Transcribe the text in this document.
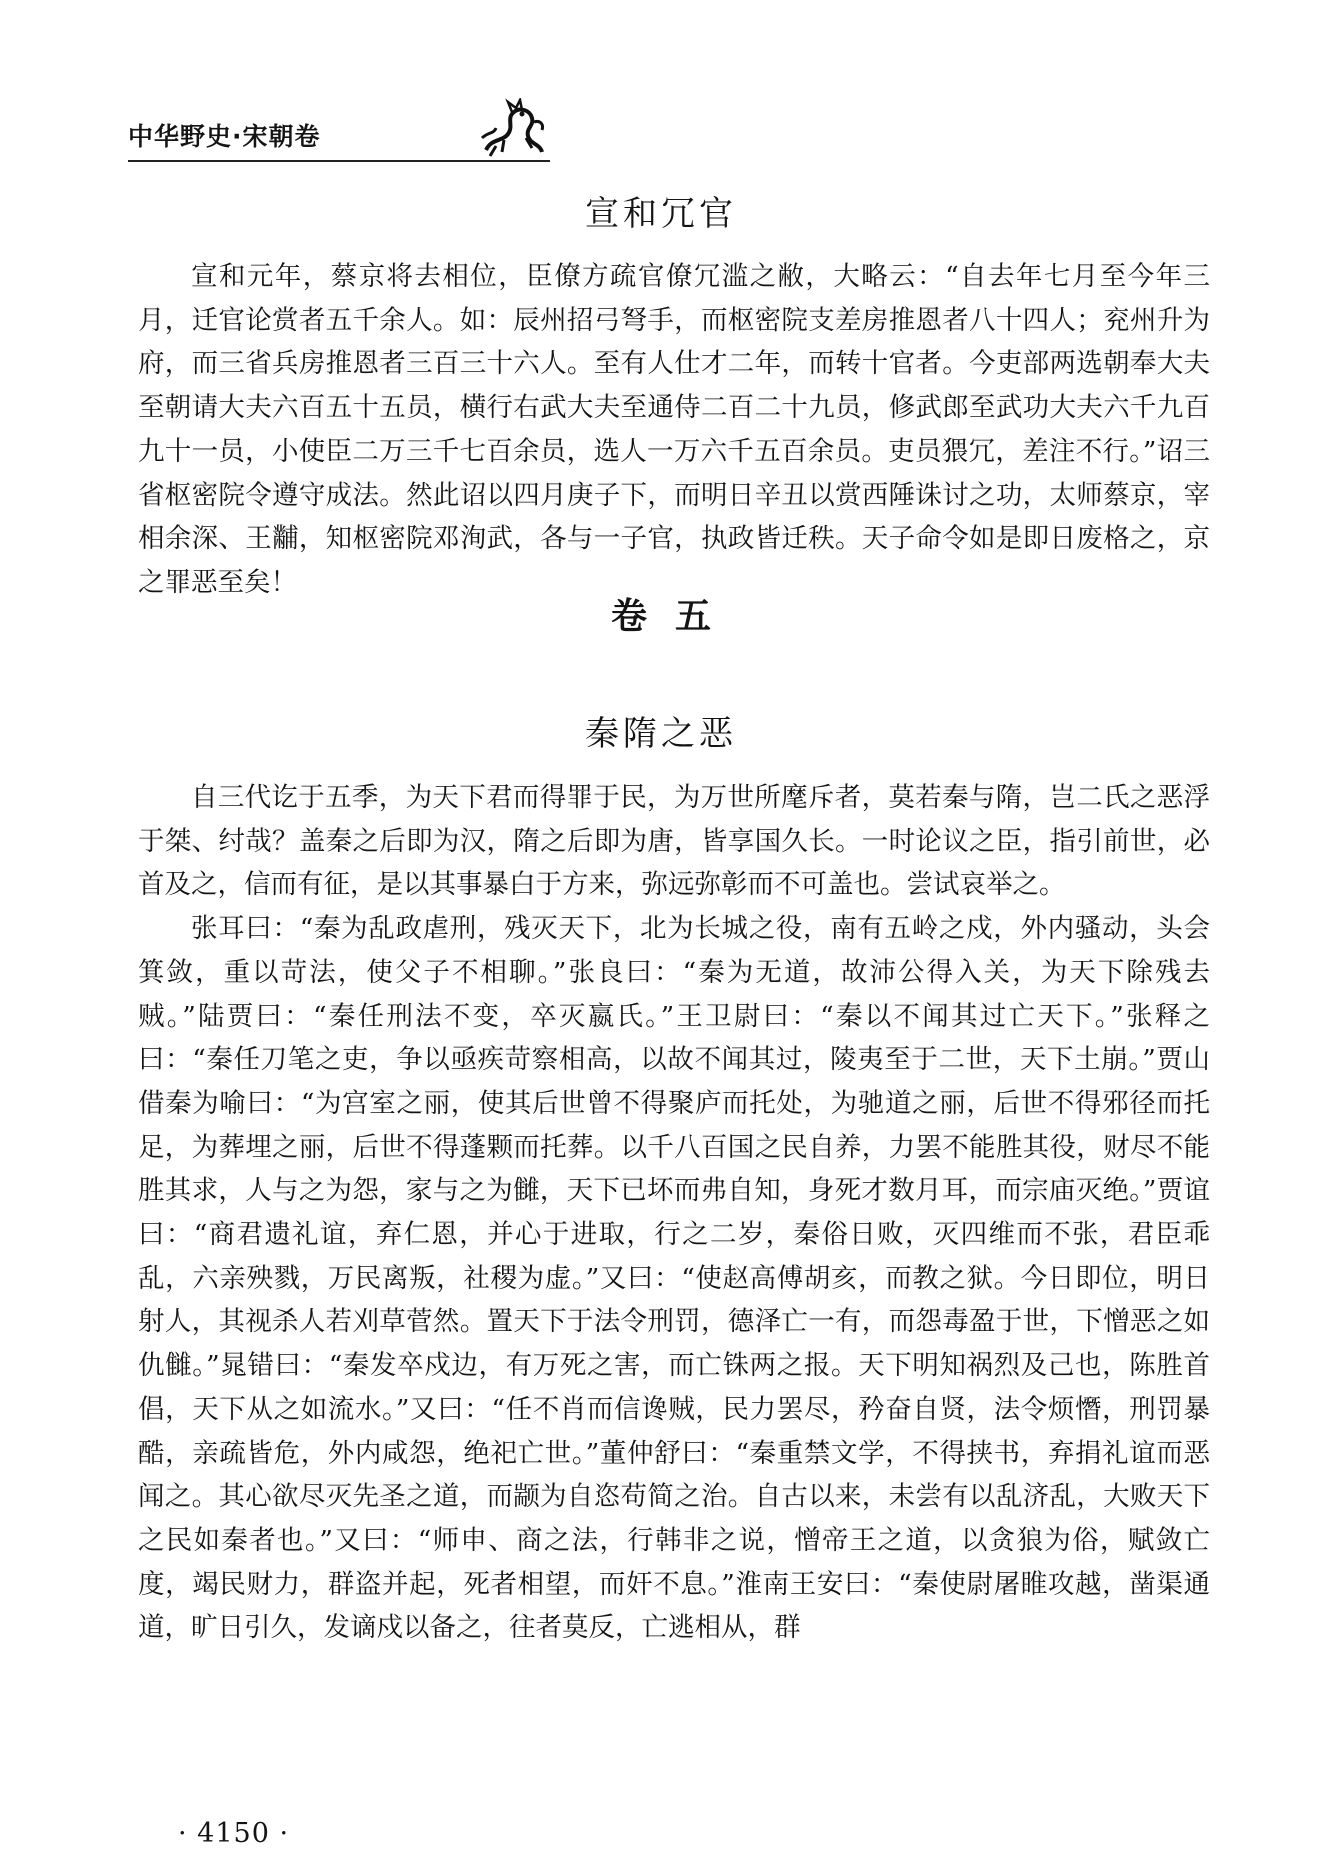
中华野史·宋朝卷
宣和冗官

宣和元年，蔡京将去相位，臣僚方疏官僚冗滥之敝，大略云：“自去年七月至今年三月，迁官论赏者五千余人。如：辰州招弓弩手，而枢密院支差房推恩者八十四人；兖州升为府，而三省兵房推恩者三百三十六人。至有人仕才二年，而转十官者。今吏部两选朝奉大夫至朝请大夫六百五十五员，横行右武大夫至通侍二百二十九员，修武郎至武功大夫六千九百九十一员，小使臣二万三千七百余员，选人一万六千五百余员。吏员猥冗，差注不行。”诏三省枢密院令遵守成法。然此诏以四月庚子下，而明日辛丑以赏西陲诛讨之功，太师蔡京，宰相余深、王黼，知枢密院邓洵武，各与一子官，执政皆迁秩。天子命令如是即日废格之，京之罪恶至矣！

卷五
秦隋之恶

自三代讫于五季，为天下君而得罪于民，为万世所麾斥者，莫若秦与隋，岂二氏之恶浮于桀、纣哉？盖秦之后即为汉，隋之后即为唐，皆享国久长。一时论议之臣，指引前世，必首及之，信而有征，是以其事暴白于方来，弥远弥彰而不可盖也。尝试哀举之。

张耳曰：“秦为乱政虐刑，残灭天下，北为长城之役，南有五岭之戍，外内骚动，头会箕敛，重以苛法，使父子不相聊。”张良曰：“秦为无道，故沛公得入关，为天下除残去贼。”陆贾曰：“秦任刑法不变，卒灭嬴氏。”王卫尉曰：“秦以不闻其过亡天下。”张释之曰：“秦任刀笔之吏，争以亟疾苛察相高，以故不闻其过，陵夷至于二世，天下土崩。”贾山借秦为喻曰：“为宫室之丽，使其后世曾不得聚庐而托处，为驰道之丽，后世不得邪径而托足，为葬埋之丽，后世不得蓬颗而托葬。以千八百国之民自养，力罢不能胜其役，财尽不能胜其求，人与之为怨，家与之为雠，天下已坏而弗自知，身死才数月耳，而宗庙灭绝。”贾谊曰：“商君遗礼谊，弃仁恩，并心于进取，行之二岁，秦俗日败，灭四维而不张，君臣乖乱，六亲殃戮，万民离叛，社稷为虚。”又曰：“使赵高傅胡亥，而教之狱。今日即位，明日射人，其视杀人若刈草菅然。置天下于法令刑罚，德泽亡一有，而怨毒盈于世，下憎恶之如仇雠。”晁错曰：“秦发卒戍边，有万死之害，而亡铢两之报。天下明知祸烈及己也，陈胜首倡，天下从之如流水。”又曰：“任不肖而信谗贼，民力罢尽，矜奋自贤，法令烦憯，刑罚暴酷，亲疏皆危，外内咸怨，绝祀亡世。”董仲舒曰：“秦重禁文学，不得挟书，弃捐礼谊而恶闻之。其心欲尽灭先圣之道，而颛为自恣苟简之治。自古以来，未尝有以乱济乱，大败天下之民如秦者也。”又曰：“师申、商之法，行韩非之说，憎帝王之道，以贪狼为俗，赋敛亡度，竭民财力，群盗并起，死者相望，而奸不息。”淮南王安曰：“秦使尉屠睢攻越，凿渠通道，旷日引久，发谪戍以备之，往者莫反，亡逃相从，群

· 4150 ·
